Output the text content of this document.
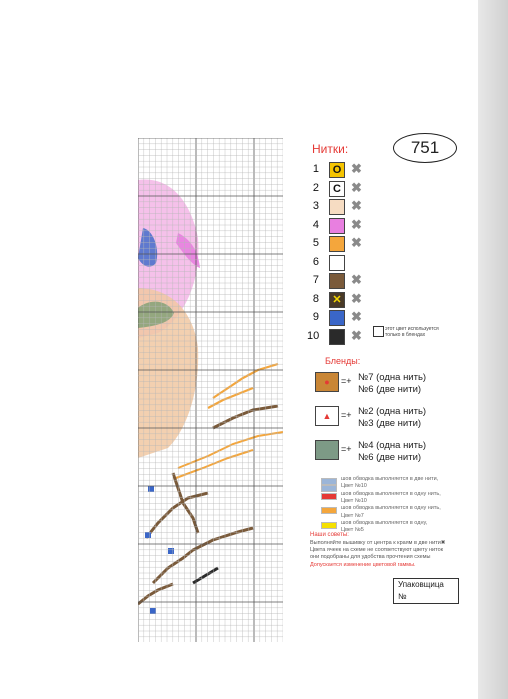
Нитки:	751
1	O ✖
2	C ✖
3 ✖
4 ✖
5 ✖
6
7 ✖
8	✕ ✖
9 ✖
10 ✖	этот цвет используется только в блендах
Бленды:
●	=+ №7 (одна нить)
№6 (две нити)
▲	=+ №2 (одна нить)
№3 (две нити)
=+ №4 (одна нить)
№6 (две нити)
шов обводка выполняется в две нити,
Цвет №10
шов обводка выполняется в одну нить,
Цвет №10
шов обводка выполняется в одну нить,
Цвет №7
шов обводка выполняется в одну,
Цвет №5
Наши советы:
Выполняйте вышивку от центра к краям в две нити✖
Цвета ячеек на схеме не соответствуют цвету ниток
они подобраны для удобства прочтения схемы
Допускается изменение цветовой гаммы.
Упаковщица
№
